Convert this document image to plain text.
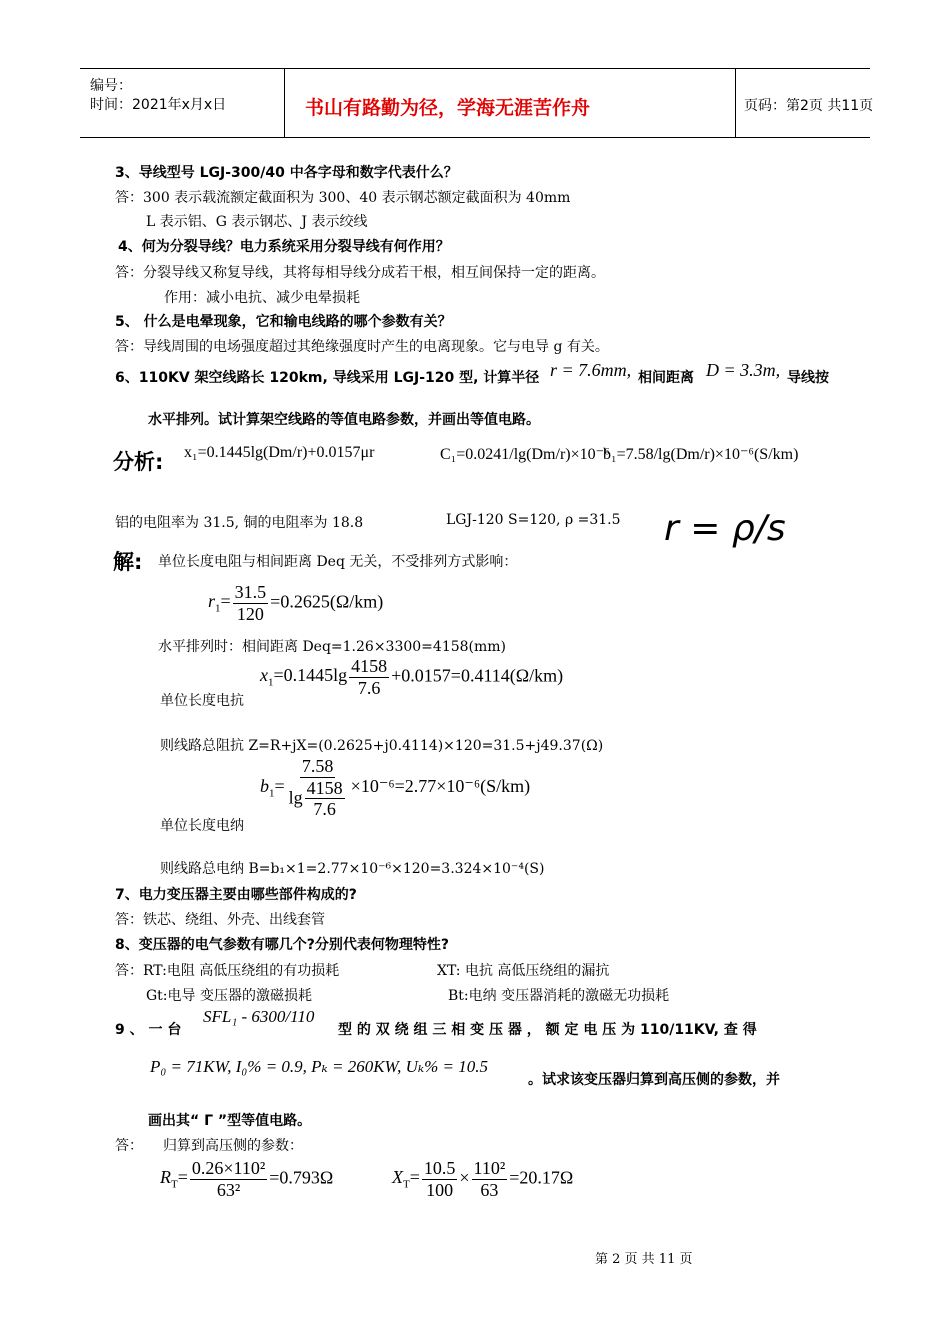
编号：
时间：2021年x月x日	书山有路勤为径，学海无涯苦作舟	页码：第2页 共11页
3、导线型号 LGJ-300/40 中各字母和数字代表什么？
答：300 表示载流额定截面积为 300、40 表示钢芯额定截面积为 40mm
L 表示铝、G 表示钢芯、J 表示绞线
4、何为分裂导线？电力系统采用分裂导线有何作用？
答：分裂导线又称复导线，其将每相导线分成若干根，相互间保持一定的距离。
作用：减小电抗、减少电晕损耗
5、 什么是电晕现象，它和输电线路的哪个参数有关？
答：导线周围的电场强度超过其绝缘强度时产生的电离现象。它与电导 g 有关。
6、110KV 架空线路长 120km, 导线采用 LGJ-120 型, 计算半径 r = 7.6mm, 相间距离 D = 3.3m, 导线按
水平排列。试计算架空线路的等值电路参数，并画出等值电路。
分析: x₁=0.1445lg(Dm/r)+0.0157μr	C₁=0.0241/lg(Dm/r)×10⁻⁶
b₁=7.58/lg(Dm/r)×10⁻⁶(S/km)
铝的电阻率为 31.5, 铜的电阻率为 18.8	LGJ-120 S=120, ρ =31.5 r = ρ/s
解: 单位长度电阻与相间距离 Deq 无关，不受排列方式影响：
$r_1= \frac{31.5}{120} =0.2625(\Omega/km)$
水平排列时：相间距离 Deq=1.26×3300=4158(mm)
$x_1=0.1445\lg \frac{4158}{7.6} +0.0157=0.4114(\Omega/km)$
单位长度电抗
则线路总阻抗 Z=R+jX=(0.2625+j0.4114)×120=31.5+j49.37(Ω)
$b_1= \frac{7.58}{\lg \frac{4158}{7.6}} \times 10^{-6}=2.77\times 10^{-6}(S/km)$
单位长度电纳
则线路总电纳 B=b₁×1=2.77×10⁻⁶×120=3.324×10⁻⁴(S)
7、电力变压器主要由哪些部件构成的?
答：铁芯、绕组、外壳、出线套管
8、变压器的电气参数有哪几个?分别代表何物理特性?
答：RT:电阻 高低压绕组的有功损耗	XT: 电抗 高低压绕组的漏抗
Gt:电导 变压器的激磁损耗	Bt:电纳 变压器消耗的激磁无功损耗
9 、 一 台
SFL₁ - 6300/110
型 的 双 绕 组 三 相 变 压 器 ， 额 定 电 压 为 110/11KV, 查 得
P₀ = 71KW, I₀% = 0.9, Pₖ = 260KW, Uₖ% = 10.5
。试求该变压器归算到高压侧的参数，并
画出其“ Γ ”型等值电路。
答： 归算到高压侧的参数：
$R_T= \frac{\text{0.26×110²}}{\text{63²}} =0.793\Omega$	$X_T= \frac{10.5}{100} \times \frac{\text{110²}}{63} =20.17\Omega$
第 2 页 共 11 页
